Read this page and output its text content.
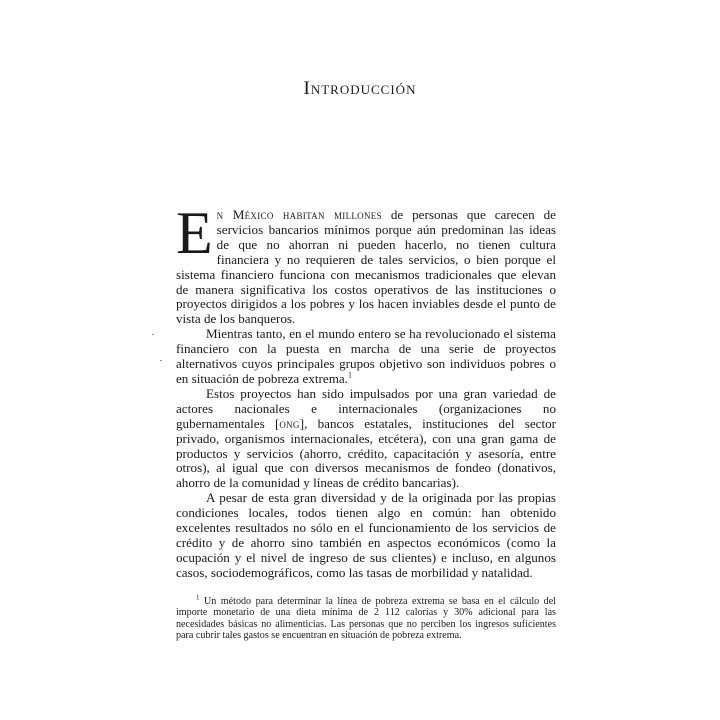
Introducción

En México habitan millones de personas que carecen de servicios bancarios mínimos porque aún predominan las ideas de que no ahorran ni pueden hacerlo, no tienen cultura financiera y no requieren de tales servicios, o bien porque el sistema financiero funciona con mecanismos tradicionales que elevan de manera significativa los costos operativos de las instituciones o proyectos dirigidos a los pobres y los hacen inviables desde el punto de vista de los banqueros.

Mientras tanto, en el mundo entero se ha revolucionado el sistema financiero con la puesta en marcha de una serie de proyectos alternativos cuyos principales grupos objetivo son individuos pobres o en situación de pobreza extrema.$^1$

Estos proyectos han sido impulsados por una gran variedad de actores nacionales e internacionales (organizaciones no gubernamentales [ong], bancos estatales, instituciones del sector privado, organismos internacionales, etcétera), con una gran gama de productos y servicios (ahorro, crédito, capacitación y asesoría, entre otros), al igual que con diversos mecanismos de fondeo (donativos, ahorro de la comunidad y líneas de crédito bancarias).

A pesar de esta gran diversidad y de la originada por las propias condiciones locales, todos tienen algo en común: han obtenido excelentes resultados no sólo en el funcionamiento de los servicios de crédito y de ahorro sino también en aspectos económicos (como la ocupación y el nivel de ingreso de sus clientes) e incluso, en algunos casos, sociodemográficos, como las tasas de morbilidad y natalidad.

$^1$ Un método para determinar la línea de pobreza extrema se basa en el cálculo del importe monetario de una dieta mínima de 2 112 calorías y 30% adicional para las necesidades básicas no alimenticias. Las personas que no perciben los ingresos suficientes para cubrir tales gastos se encuentran en situación de pobreza extrema.
